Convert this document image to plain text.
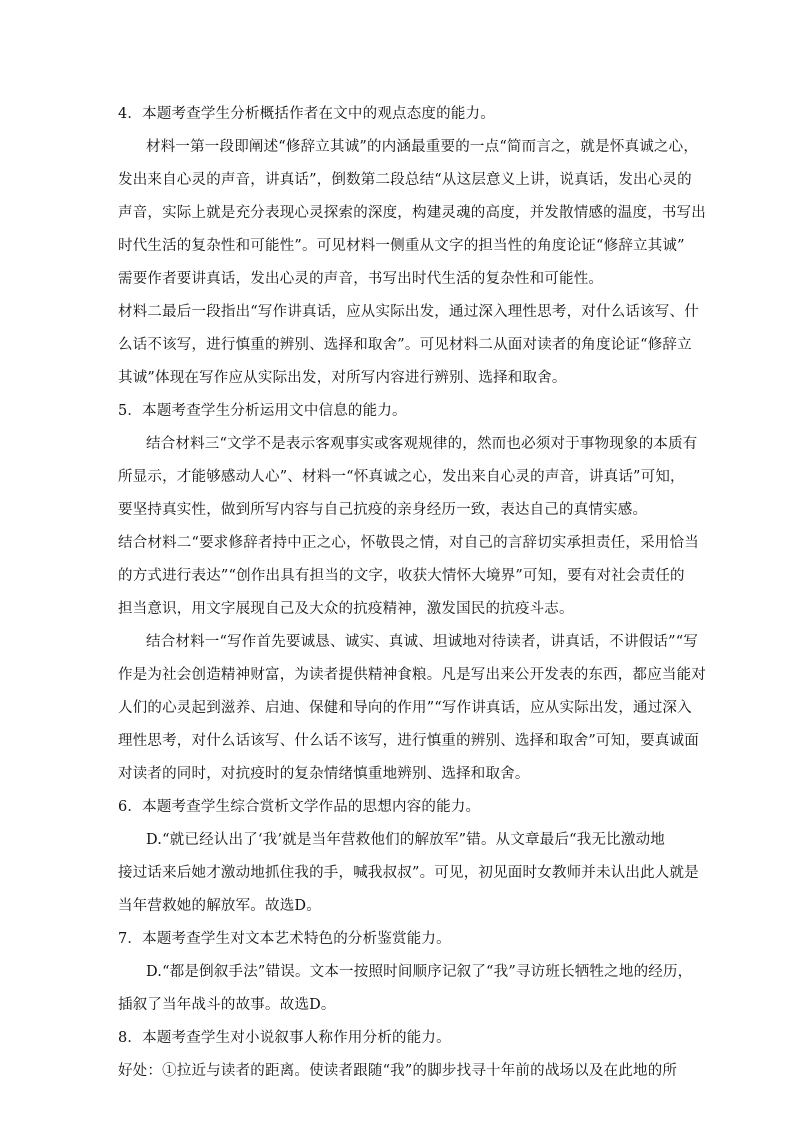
4．本题考查学生分析概括作者在文中的观点态度的能力。
材料一第一段即阐述“修辞立其诚”的内涵最重要的一点“简而言之，就是怀真诚之心，
发出来自心灵的声音，讲真话”，倒数第二段总结“从这层意义上讲，说真话，发出心灵的
声音，实际上就是充分表现心灵探索的深度，构建灵魂的高度，并发散情感的温度，书写出
时代生活的复杂性和可能性”。可见材料一侧重从文字的担当性的角度论证“修辞立其诚”
需要作者要讲真话，发出心灵的声音，书写出时代生活的复杂性和可能性。
材料二最后一段指出“写作讲真话，应从实际出发，通过深入理性思考，对什么话该写、什
么话不该写，进行慎重的辨别、选择和取舍”。可见材料二从面对读者的角度论证“修辞立
其诚”体现在写作应从实际出发，对所写内容进行辨别、选择和取舍。
5．本题考查学生分析运用文中信息的能力。
结合材料三“文学不是表示客观事实或客观规律的，然而也必须对于事物现象的本质有
所显示，才能够感动人心”、材料一“怀真诚之心，发出来自心灵的声音，讲真话”可知，
要坚持真实性，做到所写内容与自己抗疫的亲身经历一致，表达自己的真情实感。
结合材料二“要求修辞者持中正之心，怀敬畏之情，对自己的言辞切实承担责任，采用恰当
的方式进行表达”“创作出具有担当的文字，收获大情怀大境界”可知，要有对社会责任的
担当意识，用文字展现自己及大众的抗疫精神，激发国民的抗疫斗志。
结合材料一“写作首先要诚恳、诚实、真诚、坦诚地对待读者，讲真话，不讲假话”“写
作是为社会创造精神财富，为读者提供精神食粮。凡是写出来公开发表的东西，都应当能对
人们的心灵起到滋养、启迪、保健和导向的作用”“写作讲真话，应从实际出发，通过深入
理性思考，对什么话该写、什么话不该写，进行慎重的辨别、选择和取舍”可知，要真诚面
对读者的同时，对抗疫时的复杂情绪慎重地辨别、选择和取舍。
6．本题考查学生综合赏析文学作品的思想内容的能力。
D.“就已经认出了‘我’就是当年营救他们的解放军”错。从文章最后“我无比激动地
接过话来后她才激动地抓住我的手，喊我叔叔”。可见，初见面时女教师并未认出此人就是
当年营救她的解放军。故选D。
7．本题考查学生对文本艺术特色的分析鉴赏能力。
D.“都是倒叙手法”错误。文本一按照时间顺序记叙了“我”寻访班长牺牲之地的经历，
插叙了当年战斗的故事。故选D。
8．本题考查学生对小说叙事人称作用分析的能力。
好处：①拉近与读者的距离。使读者跟随“我”的脚步找寻十年前的战场以及在此地的所
